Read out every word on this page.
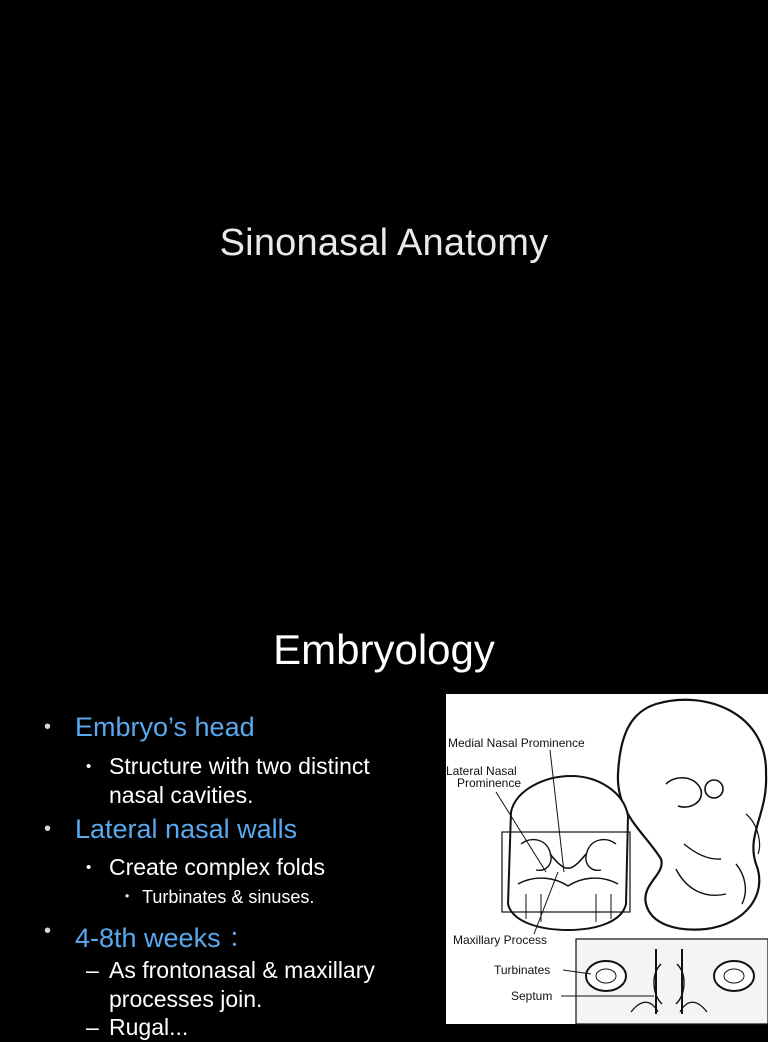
Sinonasal Anatomy
Embryology
• Embryo’s head
• Structure with two distinct nasal cavities.
• Lateral nasal walls
• Create complex folds
• Turbinates & sinuses.
• 4-8th weeks ：
– As frontonasal & maxillary processes join.
– Rugal...
Medial Nasal Prominence
Lateral Nasal
Prominence
Maxillary Process
Turbinates
Septum
